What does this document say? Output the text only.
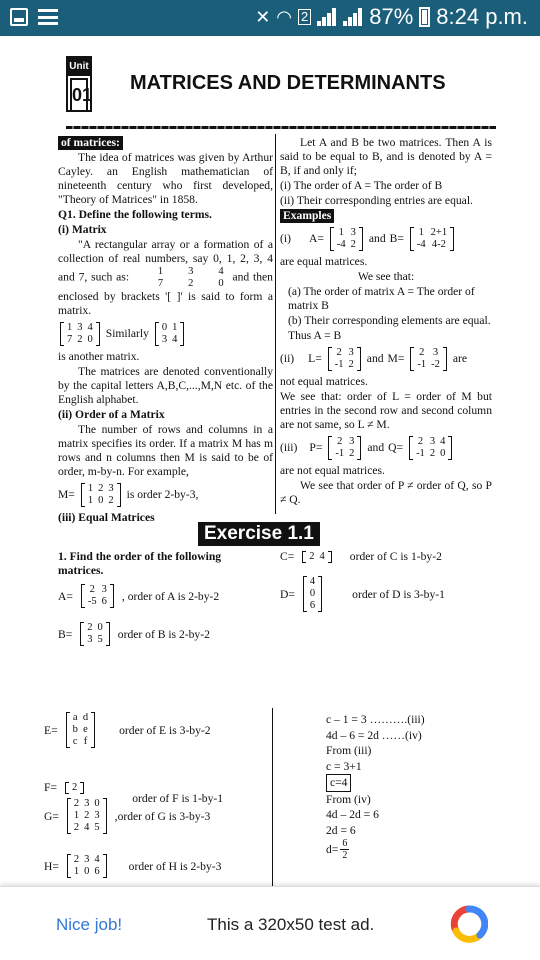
✕ ◠ 2	87% 8:24 p.m.
Unit
01
MATRICES AND DETERMINANTS
of matrices:
The idea of matrices was given by Arthur Cayley. an English mathematician of nineteenth century who first developed, "Theory of Matrices" in 1858.
Q1. Define the following terms.
(i) Matrix
"A rectangular array or a formation of a collection of real numbers, say 0, 1, 2, 3, 4 and 7, such as:	1	3	4
7	2	0 and then enclosed by brackets '[ ]' is said to form a matrix.
1 3 4
7 2 0 Similarly 0 1
3 4
is another matrix.
The matrices are denoted conventionally by the capital letters A,B,C,...,M,N etc. of the English alphabet.
(ii) Order of a Matrix
The number of rows and columns in a matrix specifies its order. If a matrix M has m rows and n columns then M is said to be of order, m-by-n. For example,
M= 1 2 3
1 0 2 is order 2-by-3,
(iii) Equal Matrices
Let A and B be two matrices. Then A is said to be equal to B, and is denoted by A = B, if and only if;
(i) The order of A = The order of B
(ii) Their corresponding entries are equal.
Examples
(i) A= 1 3
-4 2 and B= 1 2+1
-4 4-2
are equal matrices.
We see that:
(a) The order of matrix A = The order of matrix B
(b) Their corresponding elements are equal.
Thus A = B
(ii) L= 2 3
-1 2 and M= 2 3
-1 -2 are
not equal matrices.
We see that: order of L = order of M but entries in the second row and second column are not same, so L ≠ M.
(iii) P= 2 3
-1 2 and Q= 2 3 4
-1 2 0
are not equal matrices.
We see that order of P ≠ order of Q, so P ≠ Q.
Exercise 1.1
1. Find the order of the following matrices.
A= 2 3
-5 6 , order of A is 2-by-2
B= 2 0
3 5 order of B is 2-by-2
C= 2 4 order of C is 1-by-2
D=
4
0
6
order of D is 3-by-1
E=
a d
b e
c f
order of E is 3-by-2
F= 2
order of F is 1-by-1
G=
2 3 0
1 2 3
2 4 5
,order of G is 3-by-3
H= 2 3 4
1 0 6	order of H is 2-by-3
c – 1 = 3 ……….(iii)
4d – 6 = 2d ……(iv)
From (iii)
c = 3+1
c=4
From (iv)
4d – 2d = 6
2d = 6
$d= \frac{6}{2}$
Nice job!	This a 320x50 test ad.
